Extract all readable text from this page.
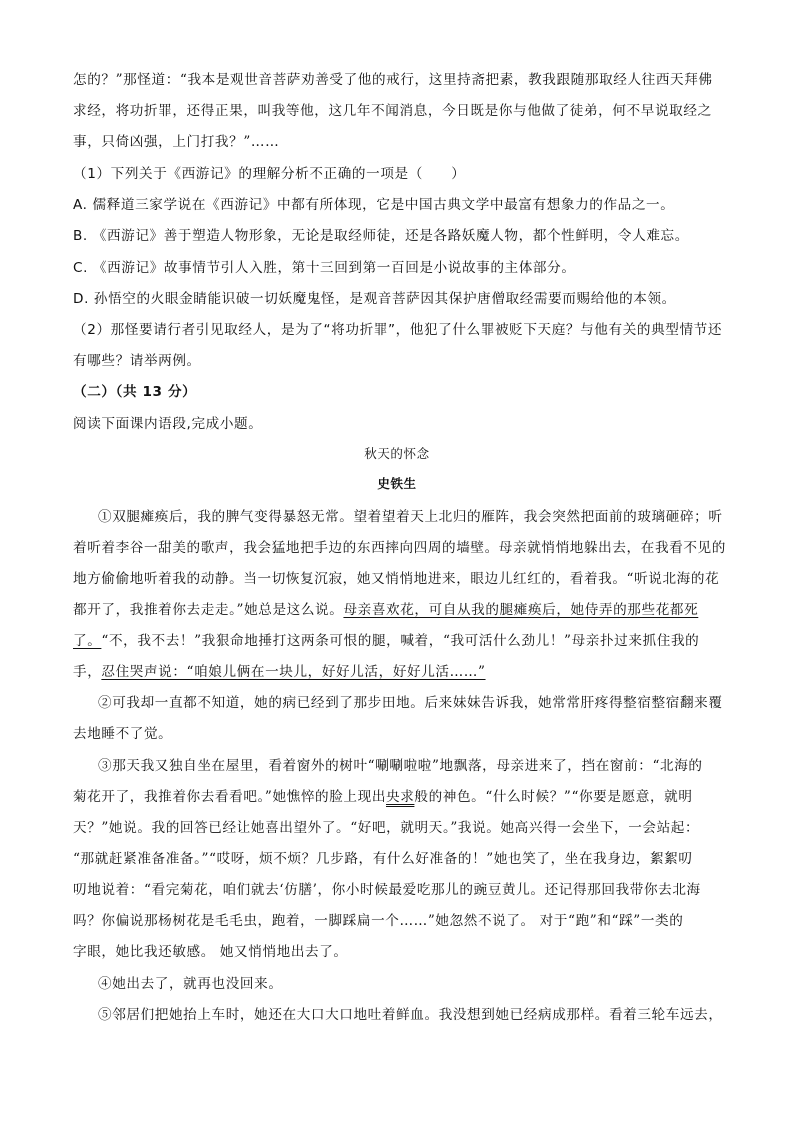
怎的？”那怪道：“我本是观世音菩萨劝善受了他的戒行，这里持斋把素，教我跟随那取经人往西天拜佛
求经，将功折罪，还得正果，叫我等他，这几年不闻消息，今日既是你与他做了徒弟，何不早说取经之
事，只倚凶强，上门打我？”……
（1）下列关于《西游记》的理解分析不正确的一项是（　　）
A. 儒释道三家学说在《西游记》中都有所体现，它是中国古典文学中最富有想象力的作品之一。
B. 《西游记》善于塑造人物形象，无论是取经师徒，还是各路妖魔人物，都个性鲜明，令人难忘。
C. 《西游记》故事情节引人入胜，第十三回到第一百回是小说故事的主体部分。
D. 孙悟空的火眼金睛能识破一切妖魔鬼怪，是观音菩萨因其保护唐僧取经需要而赐给他的本领。
（2）那怪要请行者引见取经人，是为了“将功折罪”，他犯了什么罪被贬下天庭？与他有关的典型情节还
有哪些？请举两例。
（二）（共 13 分）
阅读下面课内语段,完成小题。
秋天的怀念
史铁生
①双腿瘫痪后，我的脾气变得暴怒无常。望着望着天上北归的雁阵，我会突然把面前的玻璃砸碎；听
着听着李谷一甜美的歌声，我会猛地把手边的东西摔向四周的墙壁。母亲就悄悄地躲出去，在我看不见的
地方偷偷地听着我的动静。当一切恢复沉寂，她又悄悄地进来，眼边儿红红的，看着我。“听说北海的花
都开了，我推着你去走走。”她总是这么说。母亲喜欢花，可自从我的腿瘫痪后，她侍弄的那些花都死
了。“不，我不去！”我狠命地捶打这两条可恨的腿，喊着，“我可活什么劲儿！”母亲扑过来抓住我的
手，忍住哭声说：“咱娘儿俩在一块儿，好好儿活，好好儿活……”
②可我却一直都不知道，她的病已经到了那步田地。后来妹妹告诉我，她常常肝疼得整宿整宿翻来覆
去地睡不了觉。
③那天我又独自坐在屋里，看着窗外的树叶“唰唰啦啦”地飘落，母亲进来了，挡在窗前：“北海的
菊花开了，我推着你去看看吧。”她憔悴的脸上现出央求般的神色。“什么时候？”“你要是愿意，就明
天？”她说。我的回答已经让她喜出望外了。“好吧，就明天。”我说。她高兴得一会坐下，一会站起：
“那就赶紧准备准备。”“哎呀，烦不烦？几步路，有什么好准备的！”她也笑了，坐在我身边，絮絮叨
叨地说着：“看完菊花，咱们就去‘仿膳’，你小时候最爱吃那儿的豌豆黄儿。还记得那回我带你去北海
吗？你偏说那杨树花是毛毛虫，跑着，一脚踩扁一个……”她忽然不说了。 对于“跑”和“踩”一类的
字眼，她比我还敏感。 她又悄悄地出去了。
④她出去了，就再也没回来。
⑤邻居们把她抬上车时，她还在大口大口地吐着鲜血。我没想到她已经病成那样。看着三轮车远去，
